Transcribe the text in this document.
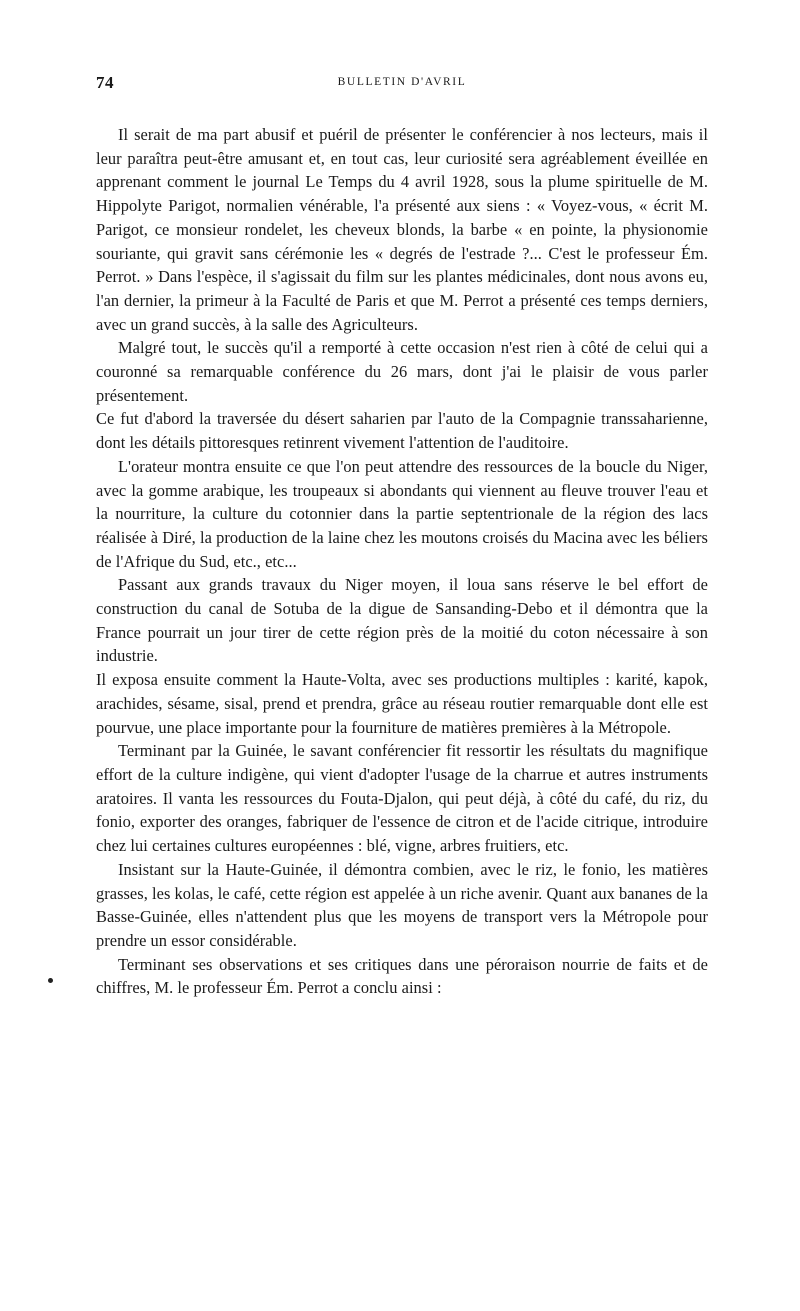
74	BULLETIN D'AVRIL

Il serait de ma part abusif et puéril de présenter le conférencier à nos lecteurs, mais il leur paraîtra peut-être amusant et, en tout cas, leur curiosité sera agréablement éveillée en apprenant comment le journal Le Temps du 4 avril 1928, sous la plume spirituelle de M. Hippolyte Parigot, normalien vénérable, l'a présenté aux siens : « Voyez-vous, « écrit M. Parigot, ce monsieur rondelet, les cheveux blonds, la barbe « en pointe, la physionomie souriante, qui gravit sans cérémonie les « degrés de l'estrade ?... C'est le professeur Ém. Perrot. » Dans l'espèce, il s'agissait du film sur les plantes médicinales, dont nous avons eu, l'an dernier, la primeur à la Faculté de Paris et que M. Perrot a présenté ces temps derniers, avec un grand succès, à la salle des Agriculteurs.

Malgré tout, le succès qu'il a remporté à cette occasion n'est rien à côté de celui qui a couronné sa remarquable conférence du 26 mars, dont j'ai le plaisir de vous parler présentement.

Ce fut d'abord la traversée du désert saharien par l'auto de la Compagnie transsaharienne, dont les détails pittoresques retinrent vivement l'attention de l'auditoire.

L'orateur montra ensuite ce que l'on peut attendre des ressources de la boucle du Niger, avec la gomme arabique, les troupeaux si abondants qui viennent au fleuve trouver l'eau et la nourriture, la culture du cotonnier dans la partie septentrionale de la région des lacs réalisée à Diré, la production de la laine chez les moutons croisés du Macina avec les béliers de l'Afrique du Sud, etc., etc...

Passant aux grands travaux du Niger moyen, il loua sans réserve le bel effort de construction du canal de Sotuba de la digue de Sansanding-Debo et il démontra que la France pourrait un jour tirer de cette région près de la moitié du coton nécessaire à son industrie.

Il exposa ensuite comment la Haute-Volta, avec ses productions multiples : karité, kapok, arachides, sésame, sisal, prend et prendra, grâce au réseau routier remarquable dont elle est pourvue, une place importante pour la fourniture de matières premières à la Métropole.

Terminant par la Guinée, le savant conférencier fit ressortir les résultats du magnifique effort de la culture indigène, qui vient d'adopter l'usage de la charrue et autres instruments aratoires. Il vanta les ressources du Fouta-Djalon, qui peut déjà, à côté du café, du riz, du fonio, exporter des oranges, fabriquer de l'essence de citron et de l'acide citrique, introduire chez lui certaines cultures européennes : blé, vigne, arbres fruitiers, etc.

Insistant sur la Haute-Guinée, il démontra combien, avec le riz, le fonio, les matières grasses, les kolas, le café, cette région est appelée à un riche avenir. Quant aux bananes de la Basse-Guinée, elles n'attendent plus que les moyens de transport vers la Métropole pour prendre un essor considérable.

Terminant ses observations et ses critiques dans une péroraison nourrie de faits et de chiffres, M. le professeur Ém. Perrot a conclu ainsi :
